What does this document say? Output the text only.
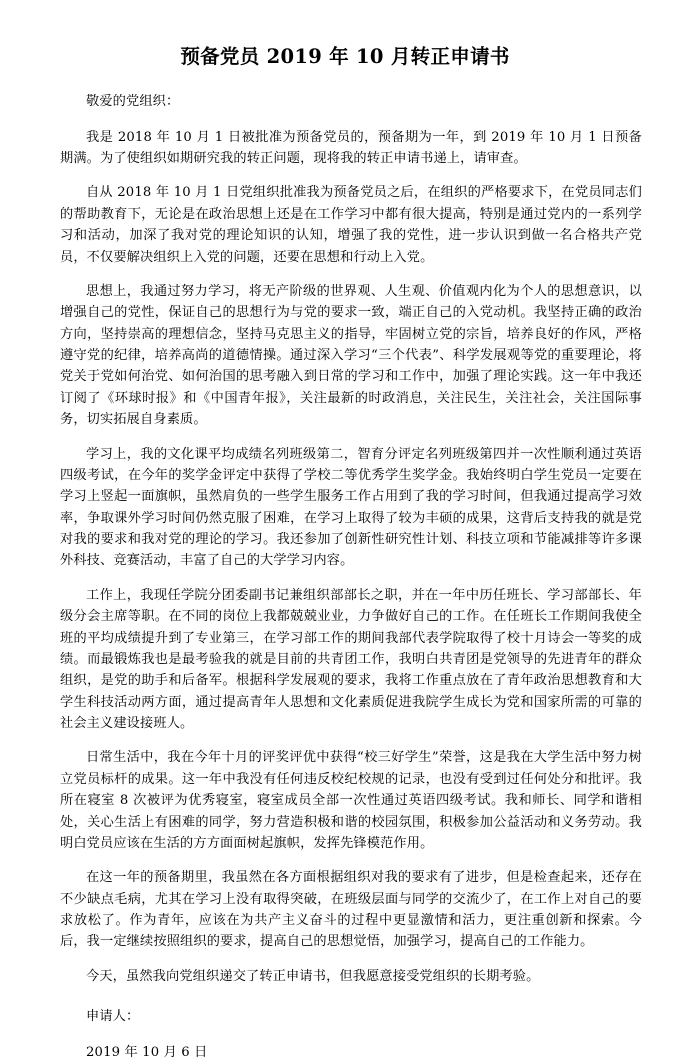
预备党员 2019 年 10 月转正申请书
敬爱的党组织：

我是 2018 年 10 月 1 日被批准为预备党员的，预备期为一年，到 2019 年 10 月 1 日预备期满。为了使组织如期研究我的转正问题，现将我的转正申请书递上，请审查。

自从 2018 年 10 月 1 日党组织批准我为预备党员之后，在组织的严格要求下，在党员同志们的帮助教育下，无论是在政治思想上还是在工作学习中都有很大提高，特别是通过党内的一系列学习和活动，加深了我对党的理论知识的认知，增强了我的党性，进一步认识到做一名合格共产党员，不仅要解决组织上入党的问题，还要在思想和行动上入党。

思想上，我通过努力学习，将无产阶级的世界观、人生观、价值观内化为个人的思想意识，以增强自己的党性，保证自己的思想行为与党的要求一致，端正自己的入党动机。我坚持正确的政治方向，坚持崇高的理想信念，坚持马克思主义的指导，牢固树立党的宗旨，培养良好的作风，严格遵守党的纪律，培养高尚的道德情操。通过深入学习“三个代表”、科学发展观等党的重要理论，将党关于党如何治党、如何治国的思考融入到日常的学习和工作中，加强了理论实践。这一年中我还订阅了《环球时报》和《中国青年报》，关注最新的时政消息，关注民生，关注社会，关注国际事务，切实拓展自身素质。

学习上，我的文化课平均成绩名列班级第二，智育分评定名列班级第四并一次性顺利通过英语四级考试，在今年的奖学金评定中获得了学校二等优秀学生奖学金。我始终明白学生党员一定要在学习上竖起一面旗帜，虽然肩负的一些学生服务工作占用到了我的学习时间，但我通过提高学习效率，争取课外学习时间仍然克服了困难，在学习上取得了较为丰硕的成果，这背后支持我的就是党对我的要求和我对党的理论的学习。我还参加了创新性研究性计划、科技立项和节能减排等许多课外科技、竞赛活动，丰富了自己的大学学习内容。

工作上，我现任学院分团委副书记兼组织部部长之职，并在一年中历任班长、学习部部长、年级分会主席等职。在不同的岗位上我都兢兢业业，力争做好自己的工作。在任班长工作期间我使全班的平均成绩提升到了专业第三，在学习部工作的期间我部代表学院取得了校十月诗会一等奖的成绩。而最锻炼我也是最考验我的就是目前的共青团工作，我明白共青团是党领导的先进青年的群众组织，是党的助手和后备军。根据科学发展观的要求，我将工作重点放在了青年政治思想教育和大学生科技活动两方面，通过提高青年人思想和文化素质促进我院学生成长为党和国家所需的可靠的社会主义建设接班人。

日常生活中，我在今年十月的评奖评优中获得“校三好学生”荣誉，这是我在大学生活中努力树立党员标杆的成果。这一年中我没有任何违反校纪校规的记录，也没有受到过任何处分和批评。我所在寝室 8 次被评为优秀寝室，寝室成员全部一次性通过英语四级考试。我和师长、同学和谐相处，关心生活上有困难的同学，努力营造积极和谐的校园氛围，积极参加公益活动和义务劳动。我明白党员应该在生活的方方面面树起旗帜，发挥先锋模范作用。

在这一年的预备期里，我虽然在各方面根据组织对我的要求有了进步，但是检查起来，还存在不少缺点毛病，尤其在学习上没有取得突破，在班级层面与同学的交流少了，在工作上对自己的要求放松了。作为青年，应该在为共产主义奋斗的过程中更显激情和活力，更注重创新和探索。今后，我一定继续按照组织的要求，提高自己的思想觉悟，加强学习，提高自己的工作能力。

今天，虽然我向党组织递交了转正申请书，但我愿意接受党组织的长期考验。

申请人：
2019 年 10 月 6 日
